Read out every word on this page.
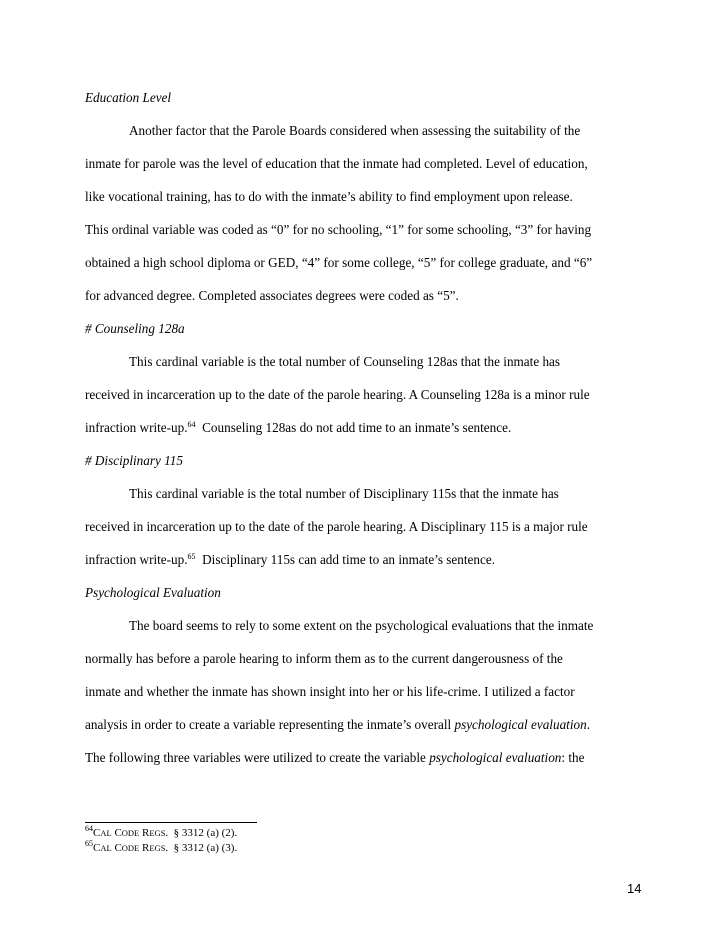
Education Level
Another factor that the Parole Boards considered when assessing the suitability of the
inmate for parole was the level of education that the inmate had completed. Level of education,
like vocational training, has to do with the inmate’s ability to find employment upon release.
This ordinal variable was coded as “0” for no schooling, “1” for some schooling, “3” for having
obtained a high school diploma or GED, “4” for some college, “5” for college graduate, and “6”
for advanced degree. Completed associates degrees were coded as “5”.
# Counseling 128a
This cardinal variable is the total number of Counseling 128as that the inmate has
received in incarceration up to the date of the parole hearing. A Counseling 128a is a minor rule
infraction write-up.$^{64}$  Counseling 128as do not add time to an inmate’s sentence.
# Disciplinary 115
This cardinal variable is the total number of Disciplinary 115s that the inmate has
received in incarceration up to the date of the parole hearing. A Disciplinary 115 is a major rule
infraction write-up.$^{65}$  Disciplinary 115s can add time to an inmate’s sentence.
Psychological Evaluation
The board seems to rely to some extent on the psychological evaluations that the inmate
normally has before a parole hearing to inform them as to the current dangerousness of the
inmate and whether the inmate has shown insight into her or his life-crime. I utilized a factor
analysis in order to create a variable representing the inmate’s overall psychological evaluation.
The following three variables were utilized to create the variable psychological evaluation: the
$^{64}$CAL CODE REGS.  § 3312 (a) (2).
$^{65}$CAL CODE REGS.  § 3312 (a) (3).
14
